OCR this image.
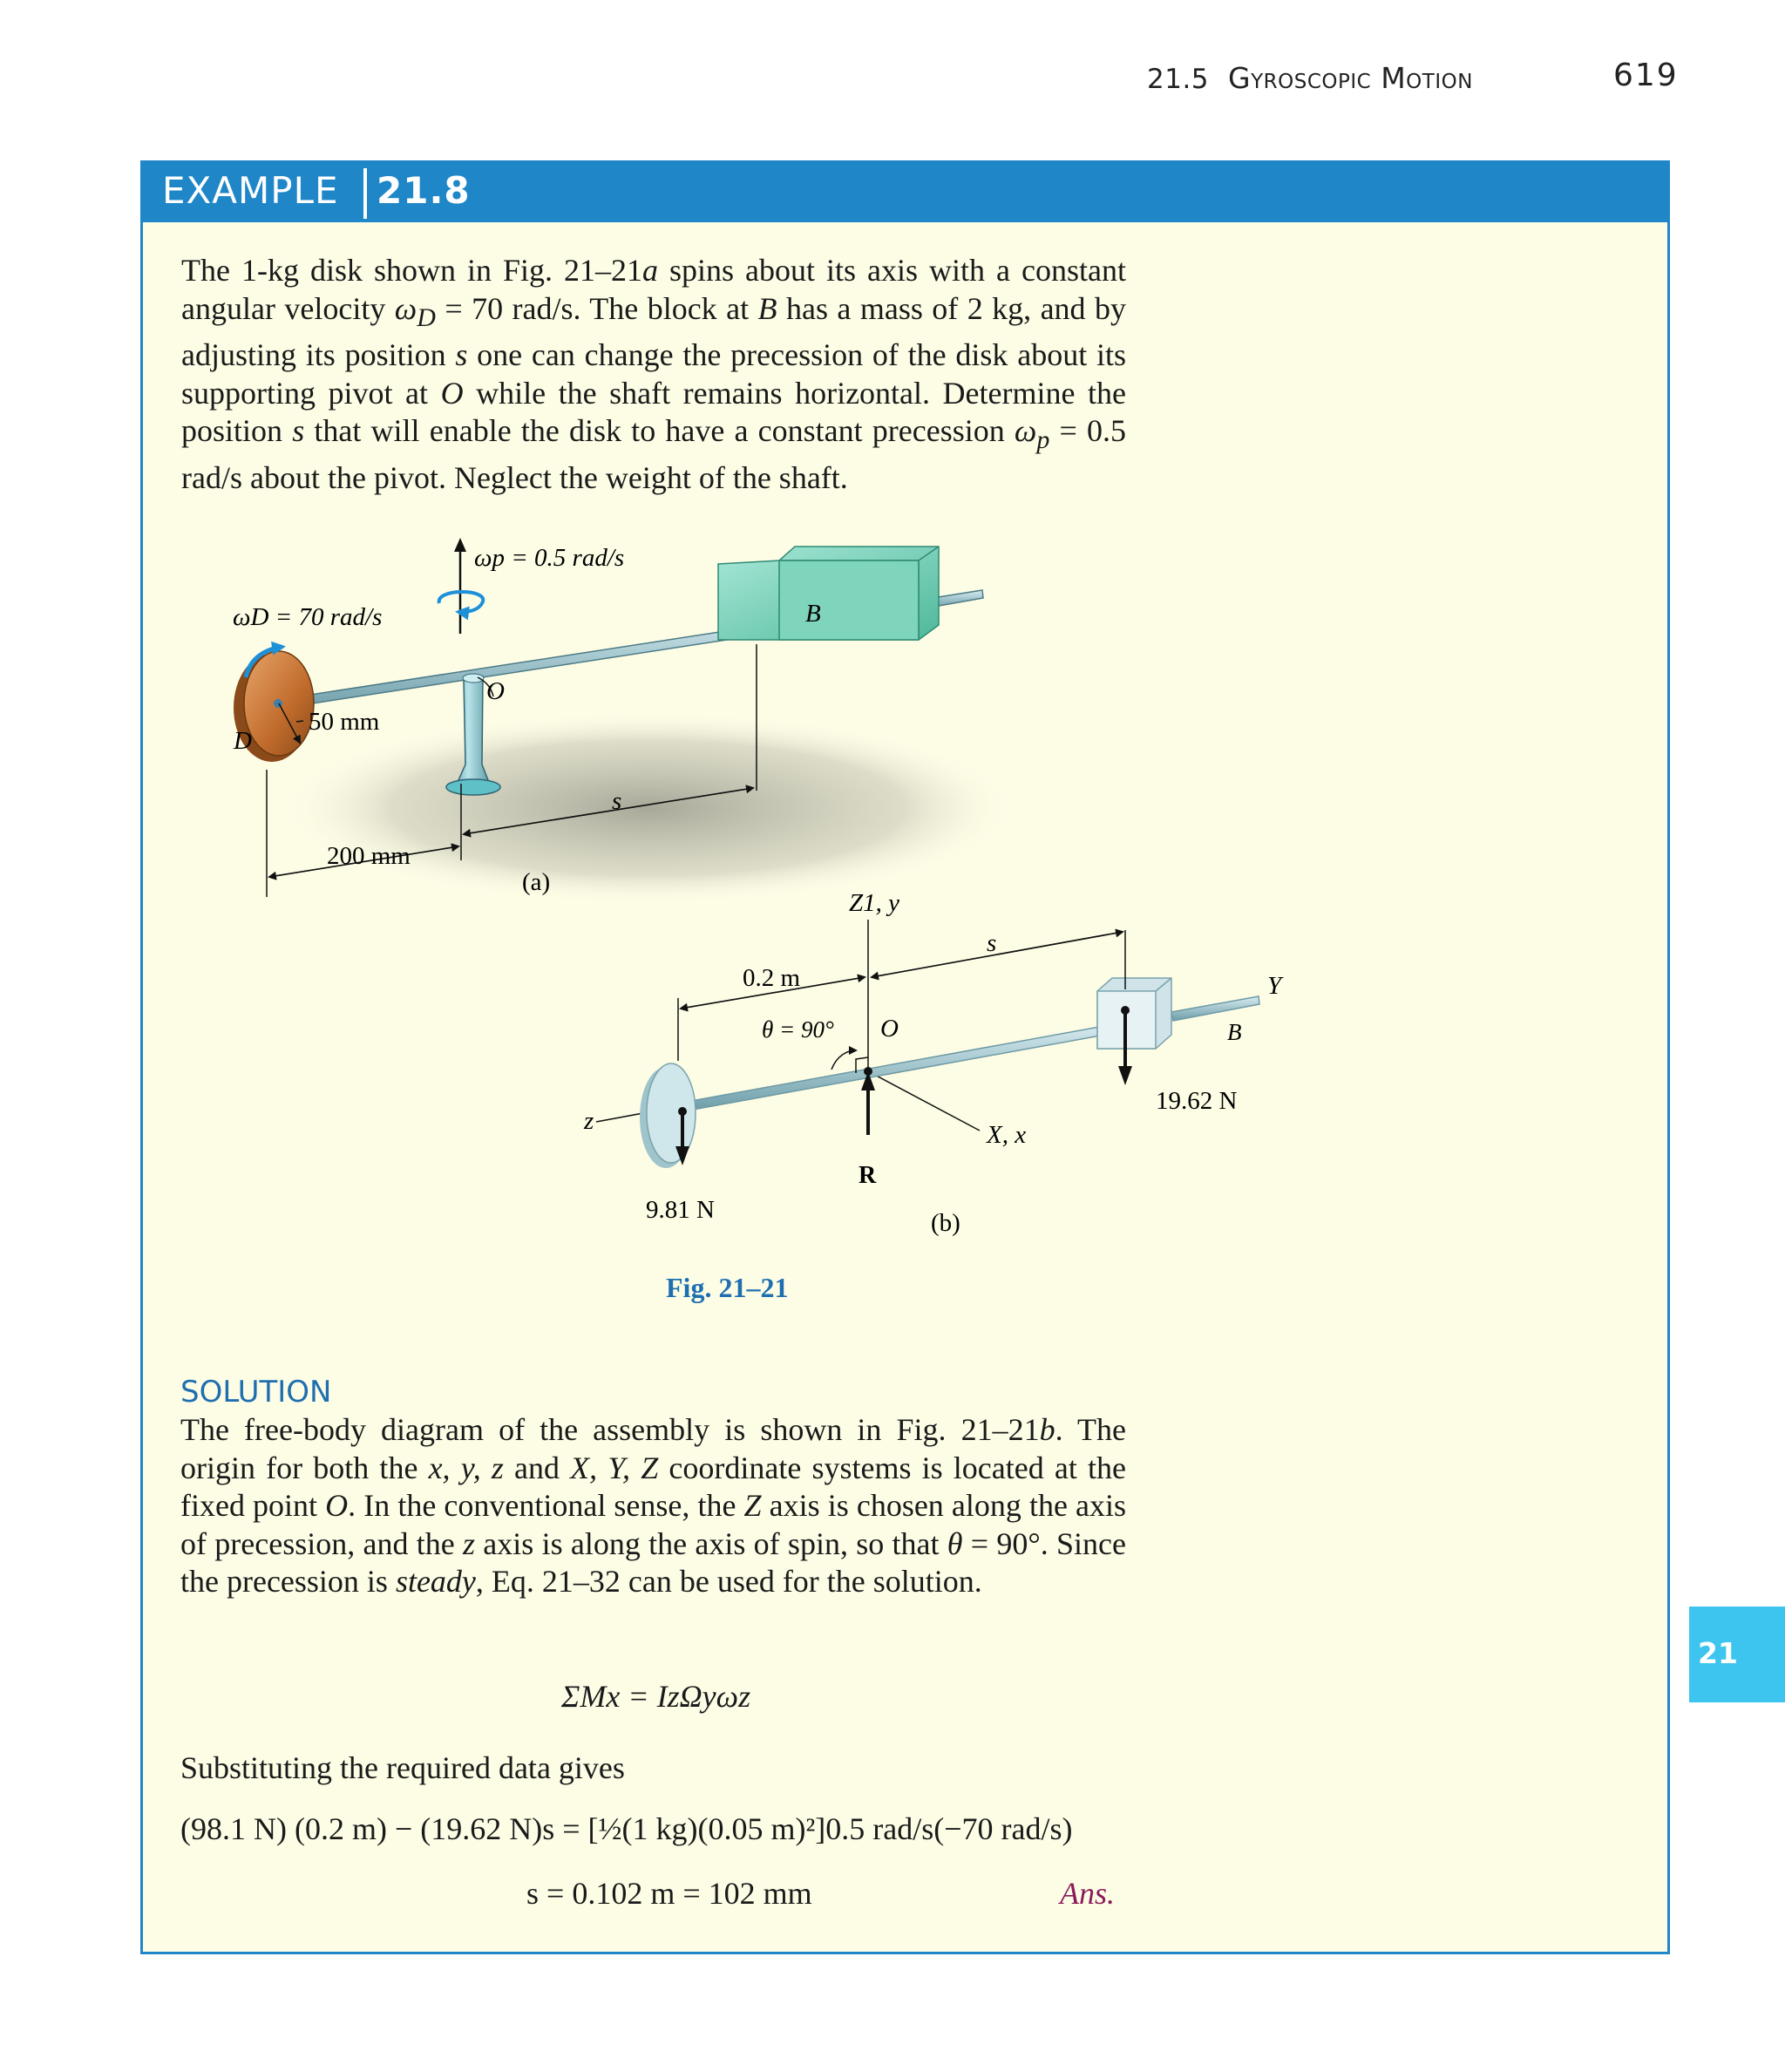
21.5 Gyroscopic Motion	619
EXAMPLE 21.8

The 1-kg disk shown in Fig. 21–21a spins about its axis with a constant angular velocity $\omega_D = 70$ rad/s. The block at B has a mass of 2 kg, and by adjusting its position s one can change the precession of the disk about its supporting pivot at O while the shaft remains horizontal. Determine the position s that will enable the disk to have a constant precession $\omega_p = 0.5$ rad/s about the pivot. Neglect the weight of the shaft.

ωp = 0.5 rad/s
ωD = 70 rad/s	B
O
D
50 mm
s
200 mm
(a)
Z1, y
s
0.2 m
θ = 90° O
Y
B
19.62 N
z	X, x
R
9.81 N	(b)
Fig. 21–21
SOLUTION

The free-body diagram of the assembly is shown in Fig. 21–21b. The origin for both the x, y, z and X, Y, Z coordinate systems is located at the fixed point O. In the conventional sense, the Z axis is chosen along the axis of precession, and the z axis is along the axis of spin, so that θ = 90°. Since the precession is steady, Eq. 21–32 can be used for the solution.

ΣMx = IzΩyωz
Substituting the required data gives
(98.1 N) (0.2 m) − (19.62 N)s = [½(1 kg)(0.05 m)²]0.5 rad/s(−70 rad/s)
s = 0.102 m = 102 mm	Ans.
21
